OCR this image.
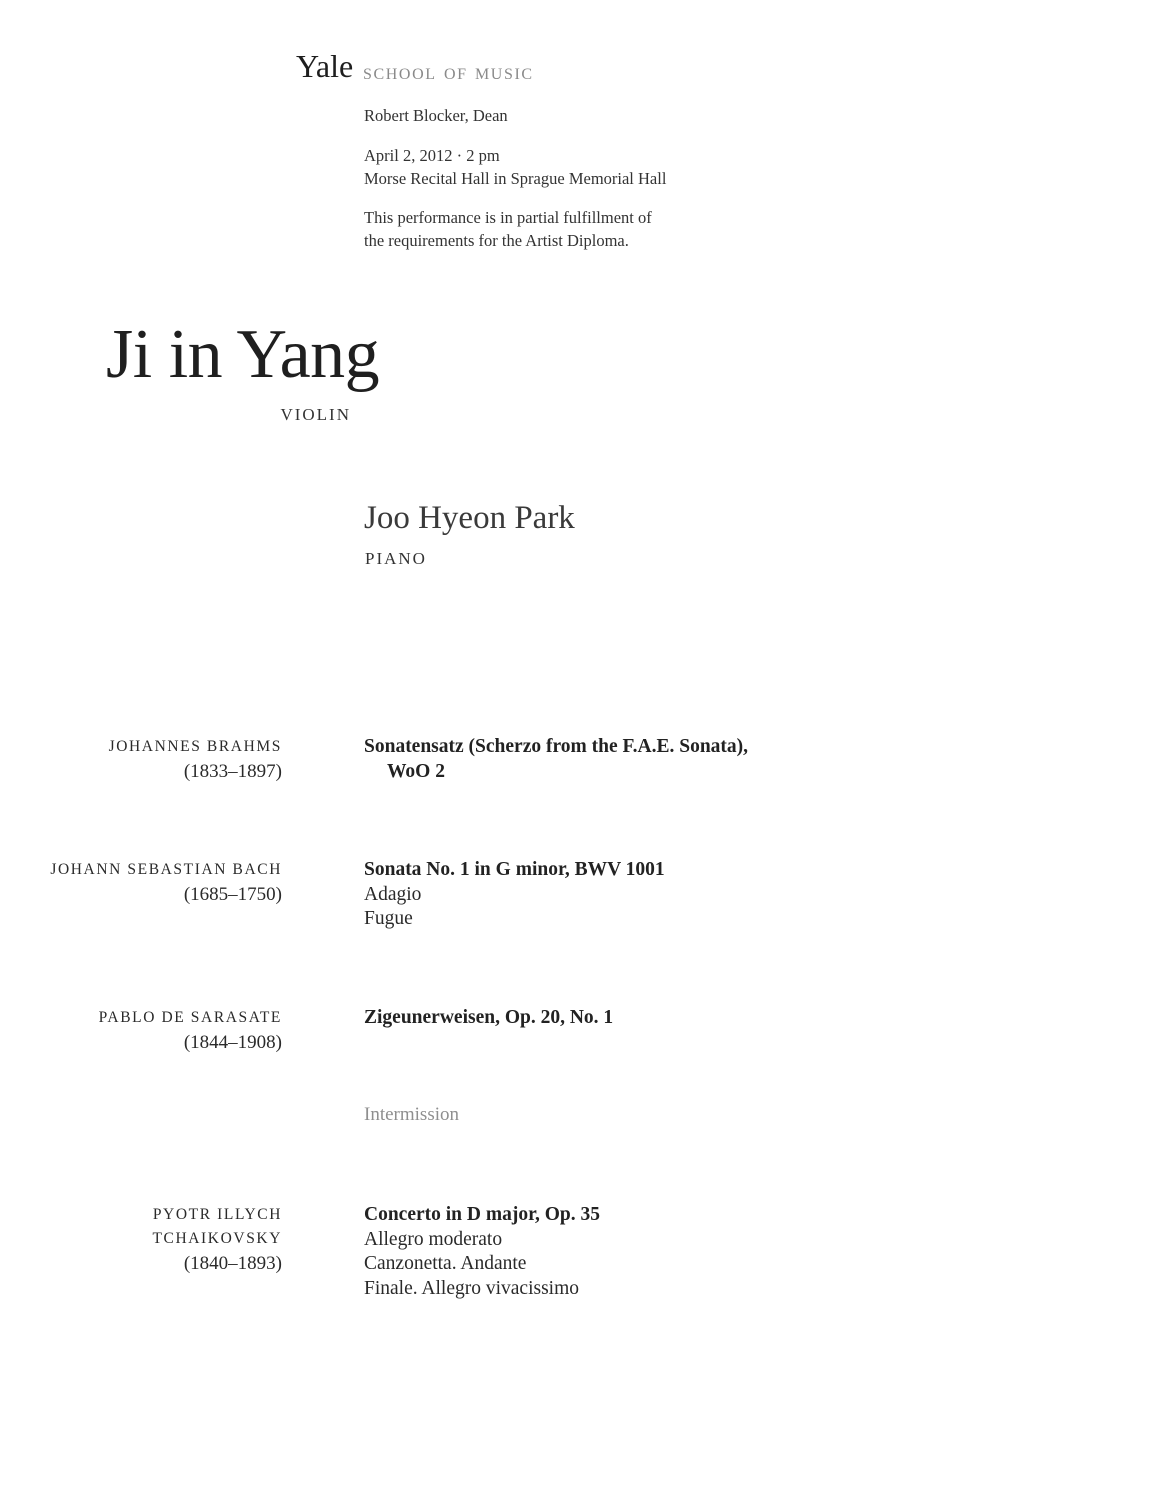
Yale school of music
Robert Blocker, Dean
April 2, 2012 · 2 pm
Morse Recital Hall in Sprague Memorial Hall
This performance is in partial fulfillment of
the requirements for the Artist Diploma.
Ji in Yang
VIOLIN
Joo Hyeon Park
PIANO
JOHANNES BRAHMS
(1833–1897)
Sonatensatz (Scherzo from the F.A.E. Sonata),
WoO 2
JOHANN SEBASTIAN BACH
(1685–1750)
Sonata No. 1 in G minor, BWV 1001
Adagio
Fugue
PABLO DE SARASATE
(1844–1908)
Zigeunerweisen, Op. 20, No. 1
Intermission
PYOTR ILLYCH
TCHAIKOVSKY
(1840–1893)
Concerto in D major, Op. 35
Allegro moderato
Canzonetta. Andante
Finale. Allegro vivacissimo
